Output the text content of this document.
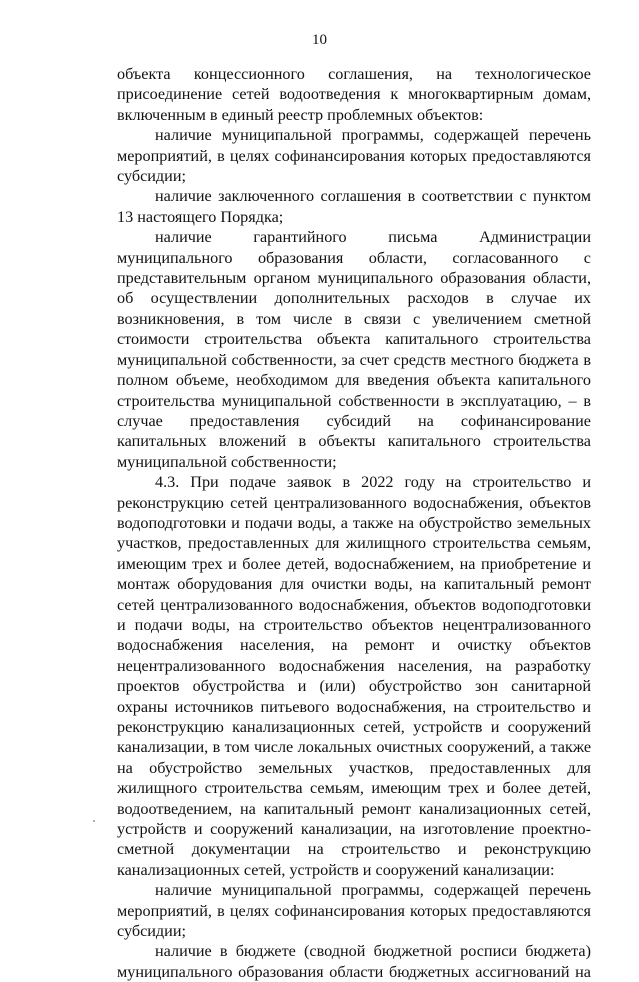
10

объекта концессионного соглашения, на технологическое присоединение сетей водоотведения к многоквартирным домам, включенным в единый реестр проблемных объектов:

наличие муниципальной программы, содержащей перечень мероприятий, в целях софинансирования которых предоставляются субсидии;

наличие заключенного соглашения в соответствии с пунктом 13 настоящего Порядка;

наличие гарантийного письма Администрации муниципального образования области, согласованного с представительным органом муниципального образования области, об осуществлении дополнительных расходов в случае их возникновения, в том числе в связи с увеличением сметной стоимости строительства объекта капитального строительства муниципальной собственности, за счет средств местного бюджета в полном объеме, необходимом для введения объекта капитального строительства муниципальной собственности в эксплуатацию, – в случае предоставления субсидий на софинансирование капитальных вложений в объекты капитального строительства муниципальной собственности;

4.3. При подаче заявок в 2022 году на строительство и реконструкцию сетей централизованного водоснабжения, объектов водоподготовки и подачи воды, а также на обустройство земельных участков, предоставленных для жилищного строительства семьям, имеющим трех и более детей, водоснабжением, на приобретение и монтаж оборудования для очистки воды, на капитальный ремонт сетей централизованного водоснабжения, объектов водоподготовки и подачи воды, на строительство объектов нецентрализованного водоснабжения населения, на ремонт и очистку объектов нецентрализованного водоснабжения населения, на разработку проектов обустройства и (или) обустройство зон санитарной охраны источников питьевого водоснабжения, на строительство и реконструкцию канализационных сетей, устройств и сооружений канализации, в том числе локальных очистных сооружений, а также на обустройство земельных участков, предоставленных для жилищного строительства семьям, имеющим трех и более детей, водоотведением, на капитальный ремонт канализационных сетей, устройств и сооружений канализации, на изготовление проектно-сметной документации на строительство и реконструкцию канализационных сетей, устройств и сооружений канализации:

наличие муниципальной программы, содержащей перечень мероприятий, в целях софинансирования которых предоставляются субсидии;

наличие в бюджете (сводной бюджетной росписи бюджета) муниципального образования области бюджетных ассигнований на
